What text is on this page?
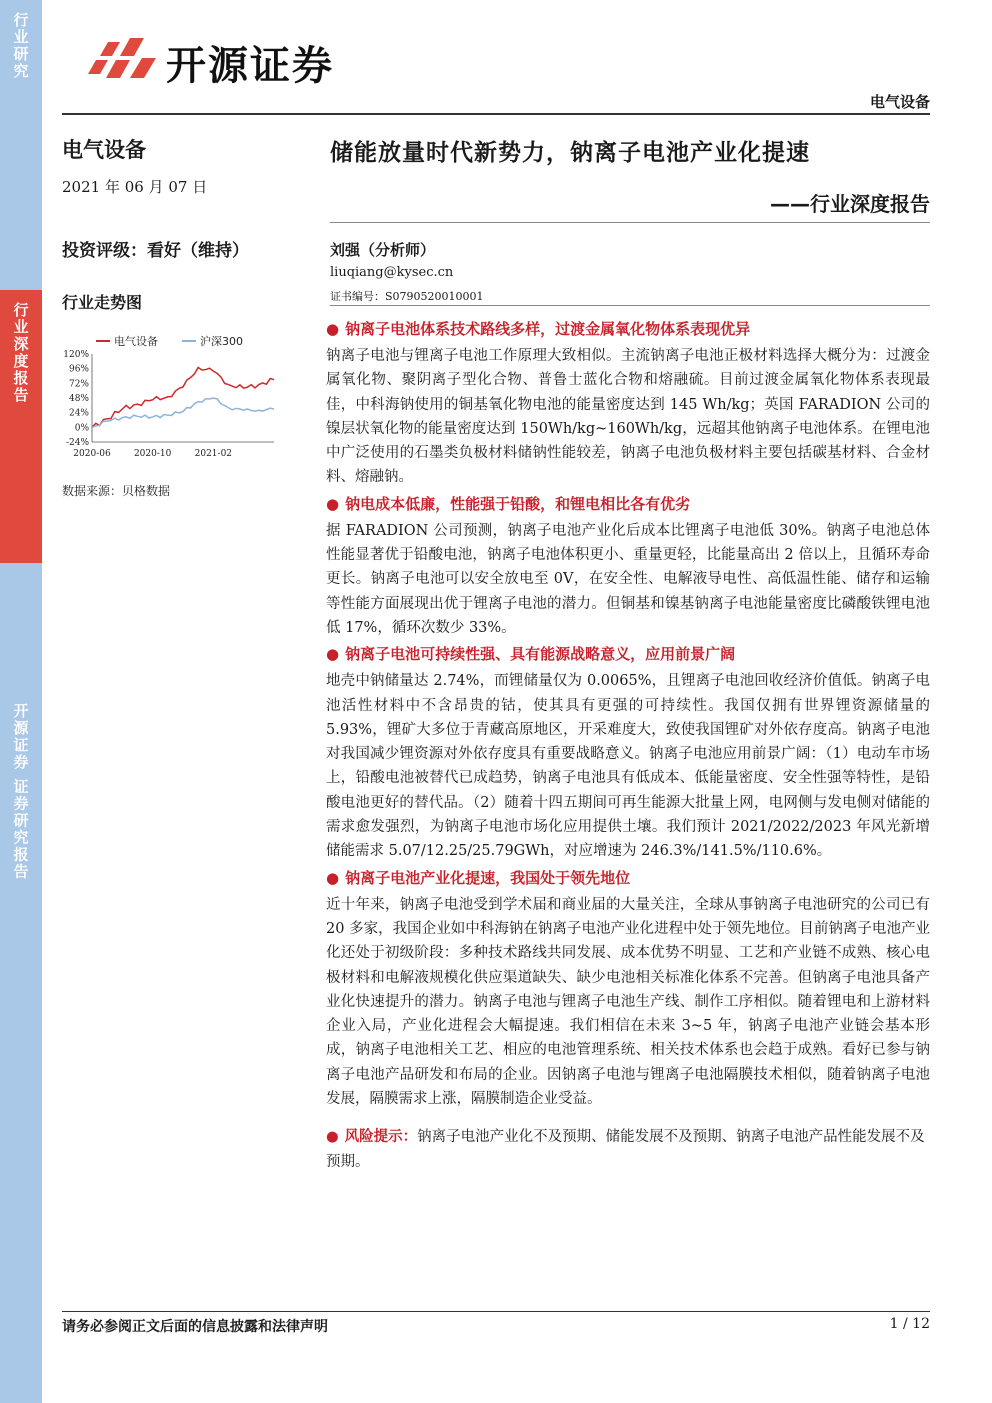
行业研究
行业深度报告
开源证券 证券研究报告
开源证券
电气设备
电气设备
2021 年 06 月 07 日
投资评级：看好（维持）
行业走势图
电气设备	沪深300
120%
96%
72%
48%
24%
0%
-24%
2020-06	2020-10	2021-02
数据来源：贝格数据
储能放量时代新势力，钠离子电池产业化提速
——行业深度报告
刘强（分析师）
liuqiang@kysec.cn
证书编号：S0790520010001
● 钠离子电池体系技术路线多样，过渡金属氧化物体系表现优异
钠离子电池与锂离子电池工作原理大致相似。主流钠离子电池正极材料选择大概分为：过渡金属氧化物、聚阴离子型化合物、普鲁士蓝化合物和熔融硫。目前过渡金属氧化物体系表现最佳，中科海钠使用的铜基氧化物电池的能量密度达到 145 Wh/kg；英国 FARADION 公司的镍层状氧化物的能量密度达到 150Wh/kg~160Wh/kg，远超其他钠离子电池体系。在锂电池中广泛使用的石墨类负极材料储钠性能较差，钠离子电池负极材料主要包括碳基材料、合金材料、熔融钠。
● 钠电成本低廉，性能强于铅酸，和锂电相比各有优劣
据 FARADION 公司预测，钠离子电池产业化后成本比锂离子电池低 30%。钠离子电池总体性能显著优于铅酸电池，钠离子电池体积更小、重量更轻，比能量高出 2 倍以上，且循环寿命更长。钠离子电池可以安全放电至 0V，在安全性、电解液导电性、高低温性能、储存和运输等性能方面展现出优于锂离子电池的潜力。但铜基和镍基钠离子电池能量密度比磷酸铁锂电池低 17%，循环次数少 33%。
● 钠离子电池可持续性强、具有能源战略意义，应用前景广阔
地壳中钠储量达 2.74%，而锂储量仅为 0.0065%，且锂离子电池回收经济价值低。钠离子电池活性材料中不含昂贵的钴，使其具有更强的可持续性。我国仅拥有世界锂资源储量的 5.93%，锂矿大多位于青藏高原地区，开采难度大，致使我国锂矿对外依存度高。钠离子电池对我国减少锂资源对外依存度具有重要战略意义。钠离子电池应用前景广阔：（1）电动车市场上，铅酸电池被替代已成趋势，钠离子电池具有低成本、低能量密度、安全性强等特性，是铅酸电池更好的替代品。（2）随着十四五期间可再生能源大批量上网，电网侧与发电侧对储能的需求愈发强烈，为钠离子电池市场化应用提供土壤。我们预计 2021/2022/2023 年风光新增储能需求 5.07/12.25/25.79GWh，对应增速为 246.3%/141.5%/110.6%。
● 钠离子电池产业化提速，我国处于领先地位
近十年来，钠离子电池受到学术届和商业届的大量关注，全球从事钠离子电池研究的公司已有 20 多家，我国企业如中科海钠在钠离子电池产业化进程中处于领先地位。目前钠离子电池产业化还处于初级阶段：多种技术路线共同发展、成本优势不明显、工艺和产业链不成熟、核心电极材料和电解液规模化供应渠道缺失、缺少电池相关标准化体系不完善。但钠离子电池具备产业化快速提升的潜力。钠离子电池与锂离子电池生产线、制作工序相似。随着锂电和上游材料企业入局，产业化进程会大幅提速。我们相信在未来 3~5 年，钠离子电池产业链会基本形成，钠离子电池相关工艺、相应的电池管理系统、相关技术体系也会趋于成熟。看好已参与钠离子电池产品研发和布局的企业。因钠离子电池与锂离子电池隔膜技术相似，随着钠离子电池发展，隔膜需求上涨，隔膜制造企业受益。
● 风险提示：钠离子电池产业化不及预期、储能发展不及预期、钠离子电池产品性能发展不及预期。
请务必参阅正文后面的信息披露和法律声明	1 / 12
